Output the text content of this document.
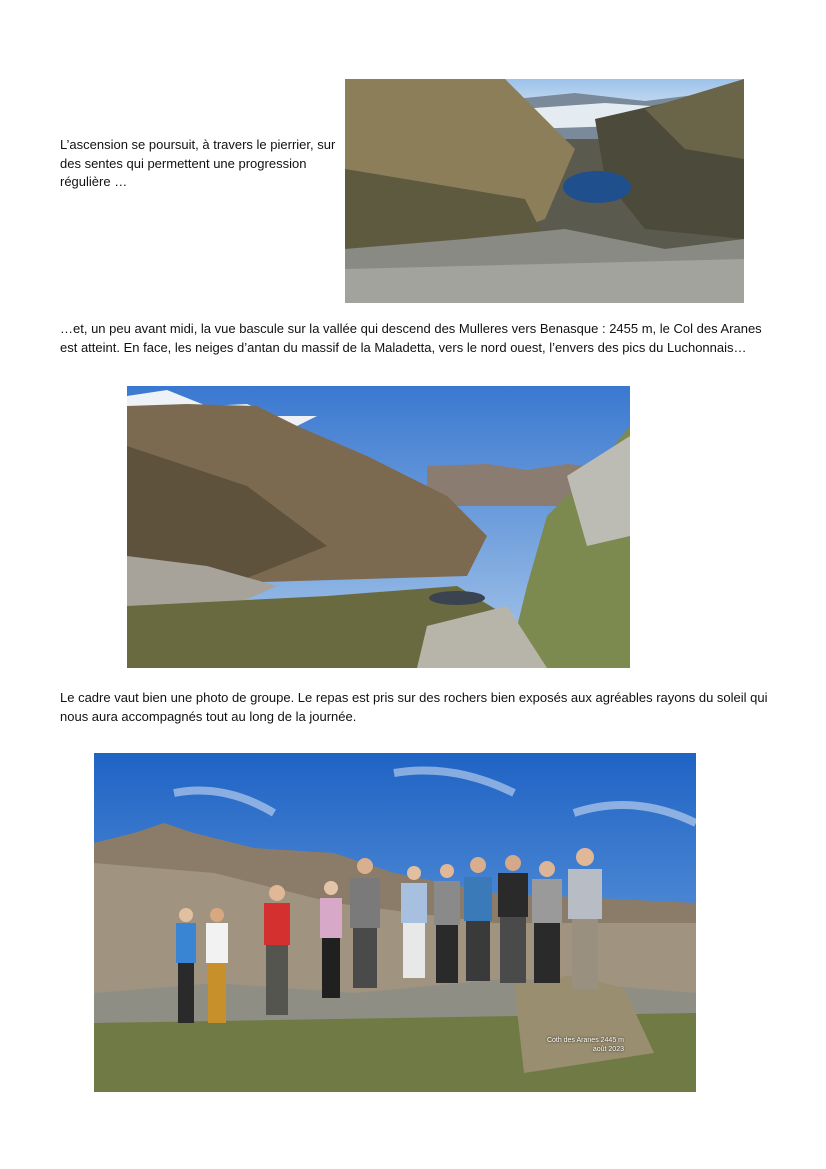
L’ascension se poursuit, à travers le pierrier, sur des sentes qui permettent une progression régulière …

…et, un peu avant midi, la vue bascule sur la vallée qui descend des Mulleres vers Benasque : 2455 m, le Col des Aranes est atteint. En face, les neiges d’antan du massif de la Maladetta, vers le nord ouest, l’envers des pics du Luchonnais…

Le cadre vaut bien une photo de groupe. Le repas est pris sur des rochers bien exposés aux agréables rayons du soleil qui nous aura accompagnés tout au long de la journée.

Coth des Aranes 2445 m
août 2023
